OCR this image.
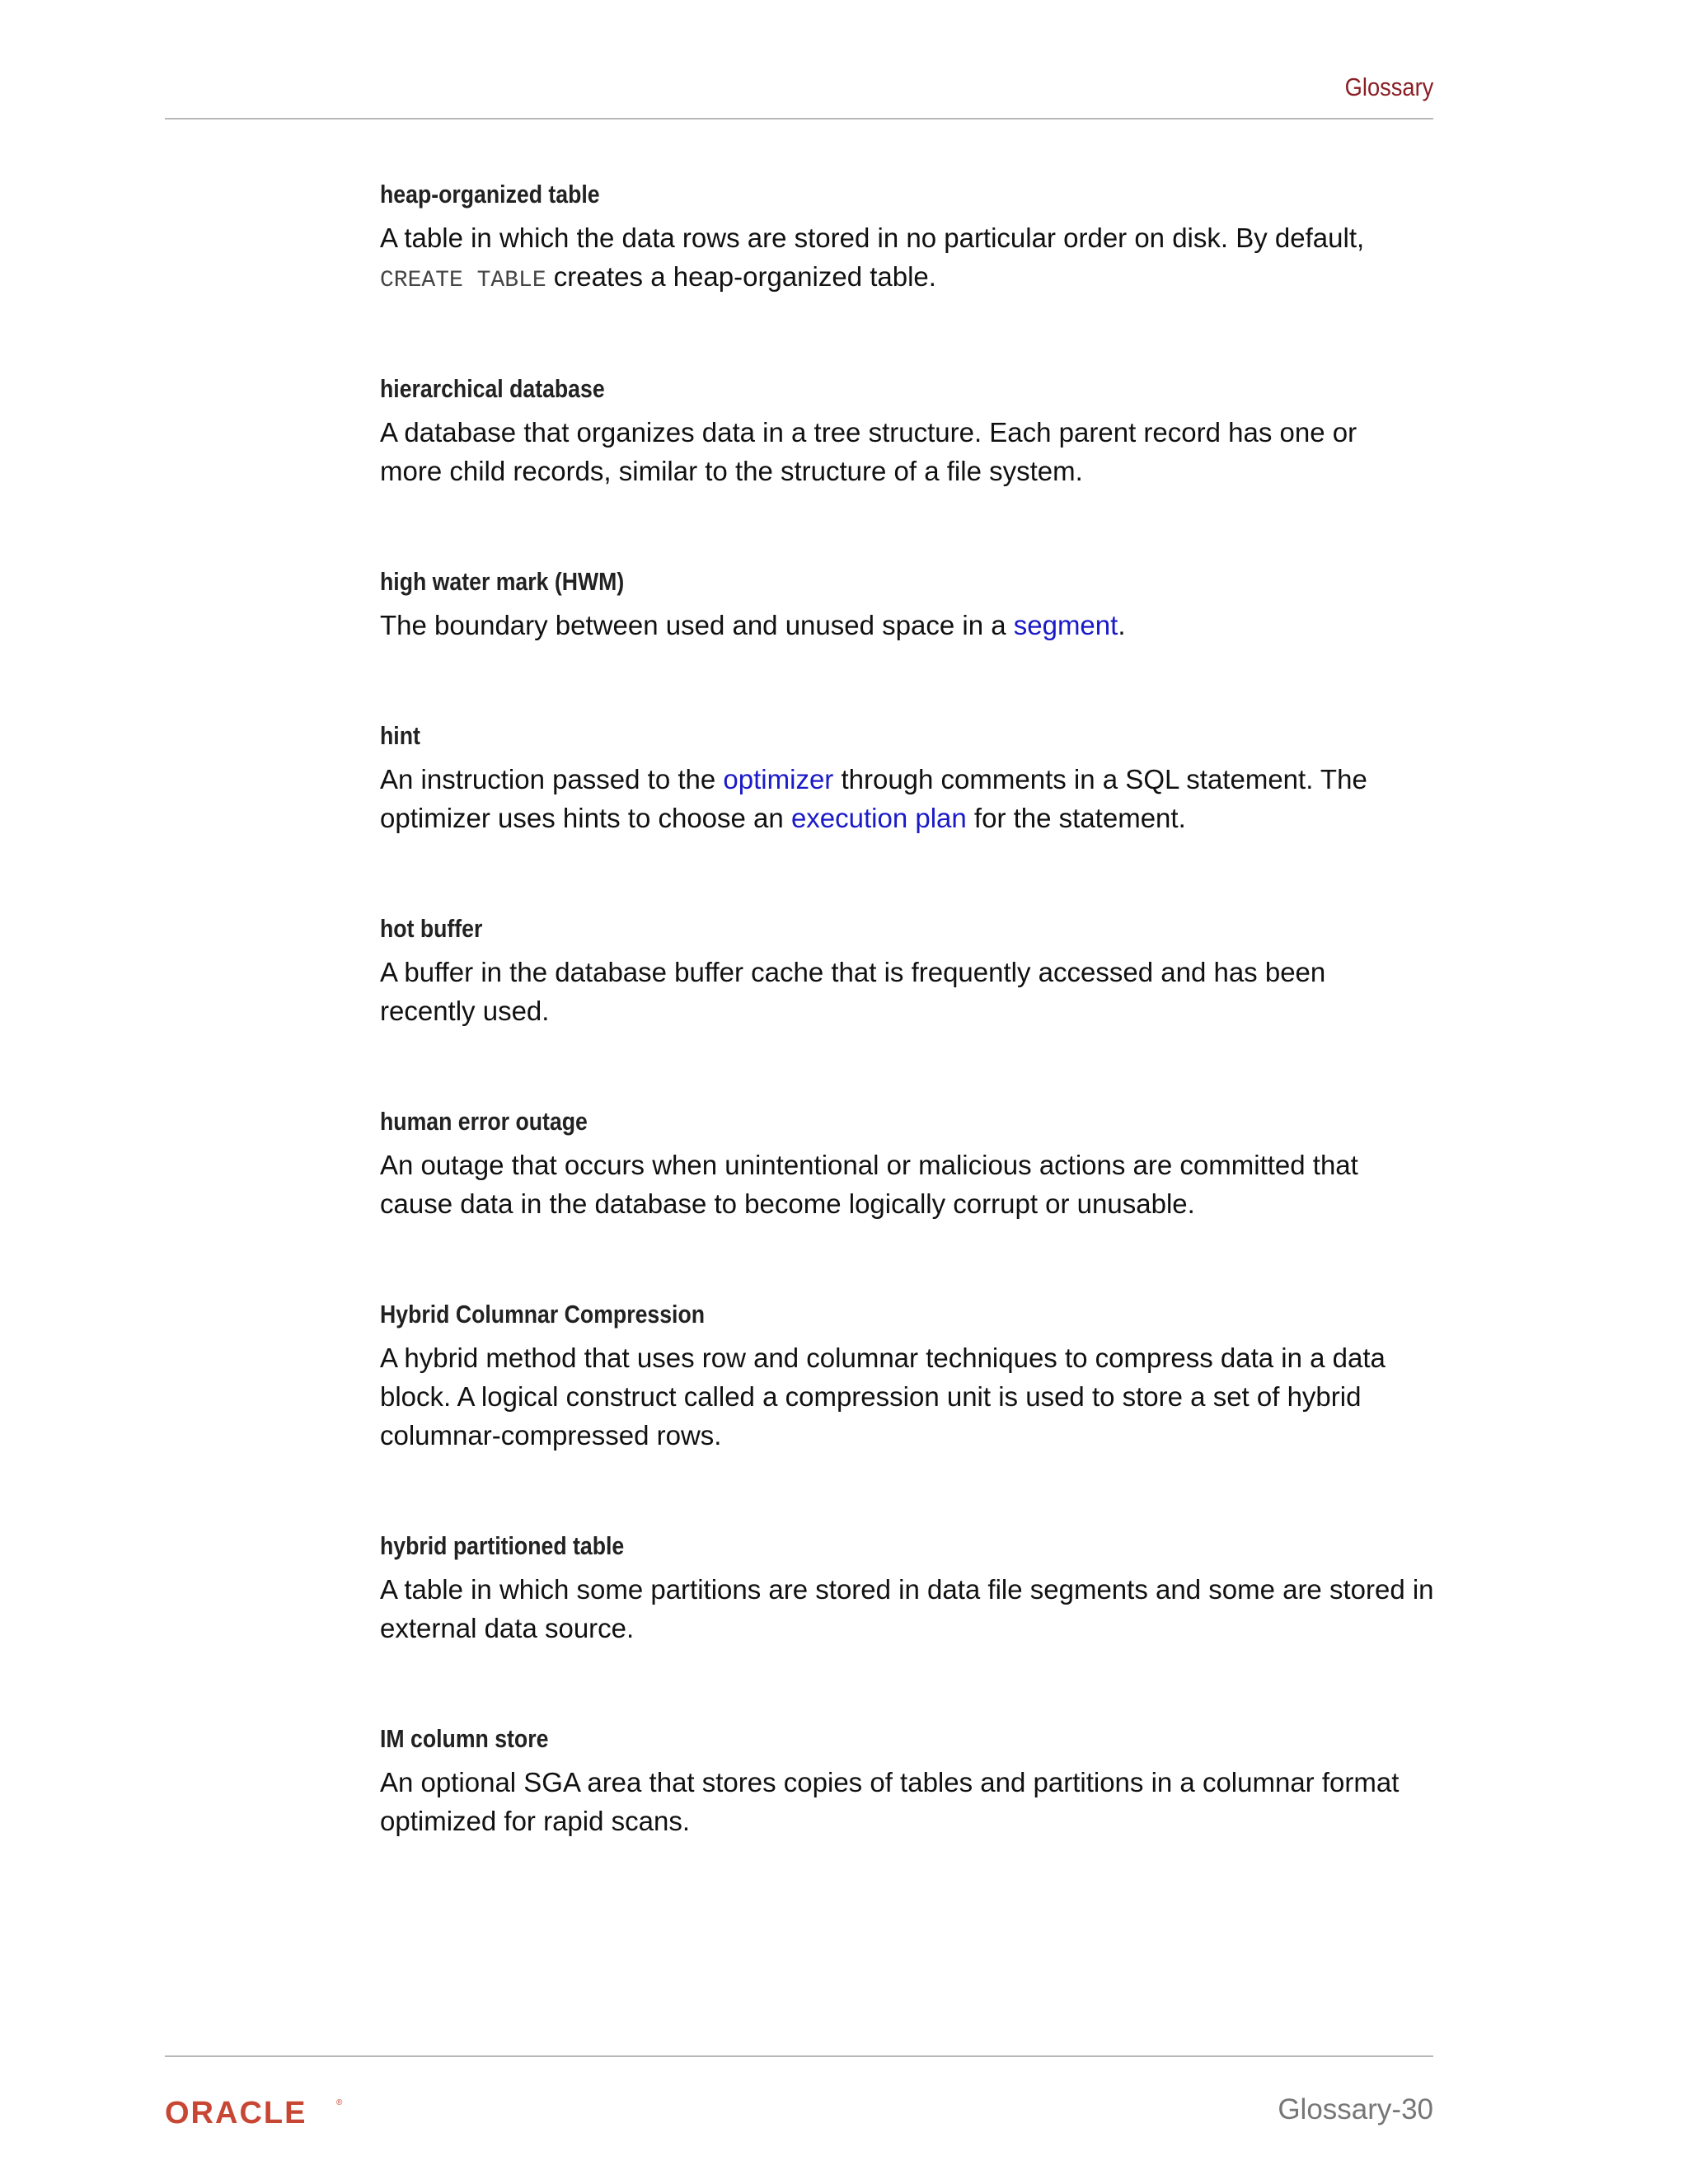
Glossary
heap-organized table
A table in which the data rows are stored in no particular order on disk. By default,
CREATE TABLE creates a heap-organized table.
hierarchical database
A database that organizes data in a tree structure. Each parent record has one or more child records, similar to the structure of a file system.
high water mark (HWM)
The boundary between used and unused space in a segment.
hint
An instruction passed to the optimizer through comments in a SQL statement. The optimizer uses hints to choose an execution plan for the statement.
hot buffer
A buffer in the database buffer cache that is frequently accessed and has been recently used.
human error outage
An outage that occurs when unintentional or malicious actions are committed that cause data in the database to become logically corrupt or unusable.
Hybrid Columnar Compression
A hybrid method that uses row and columnar techniques to compress data in a data block. A logical construct called a compression unit is used to store a set of hybrid columnar-compressed rows.
hybrid partitioned table
A table in which some partitions are stored in data file segments and some are stored in external data source.
IM column store
An optional SGA area that stores copies of tables and partitions in a columnar format optimized for rapid scans.
ORACLE	®	Glossary-30
